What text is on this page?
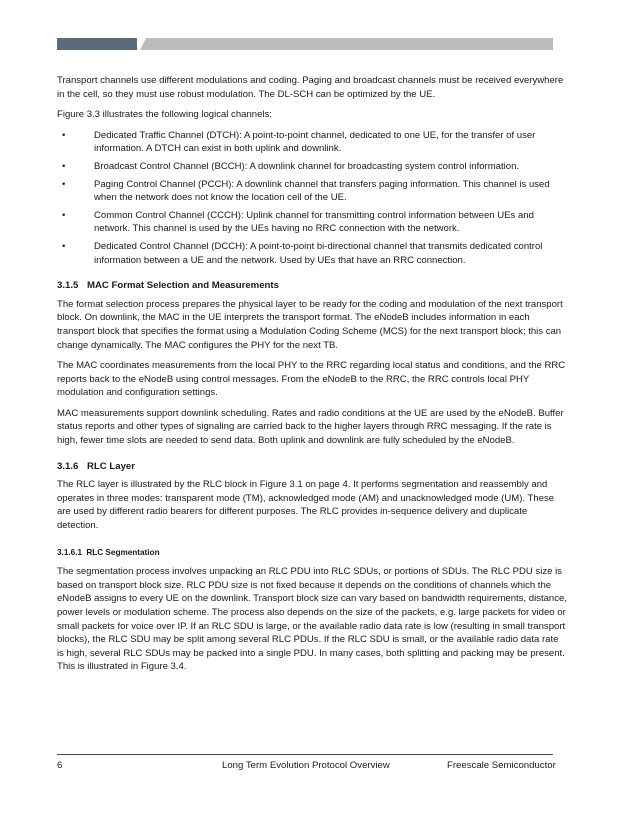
Transport channels use different modulations and coding. Paging and broadcast channels must be received everywhere in the cell, so they must use robust modulation. The DL-SCH can be optimized by the UE.

Figure 3.3 illustrates the following logical channels:

•	Dedicated Traffic Channel (DTCH): A point-to-point channel, dedicated to one UE, for the transfer of user information. A DTCH can exist in both uplink and downlink.
•	Broadcast Control Channel (BCCH): A downlink channel for broadcasting system control information.
•	Paging Control Channel (PCCH): A downlink channel that transfers paging information. This channel is used when the network does not know the location cell of the UE.
•	Common Control Channel (CCCH): Uplink channel for transmitting control information between UEs and network. This channel is used by the UEs having no RRC connection with the network.
•	Dedicated Control Channel (DCCH): A point-to-point bi-directional channel that transmits dedicated control information between a UE and the network. Used by UEs that have an RRC connection.
3.1.5 MAC Format Selection and Measurements

The format selection process prepares the physical layer to be ready for the coding and modulation of the next transport block. On downlink, the MAC in the UE interprets the transport format. The eNodeB includes information in each transport block that specifies the format using a Modulation Coding Scheme (MCS) for the next transport block; this can change dynamically. The MAC configures the PHY for the next TB.

The MAC coordinates measurements from the local PHY to the RRC regarding local status and conditions, and the RRC reports back to the eNodeB using control messages. From the eNodeB to the RRC, the RRC controls local PHY modulation and configuration settings.

MAC measurements support downlink scheduling. Rates and radio conditions at the UE are used by the eNodeB. Buffer status reports and other types of signaling are carried back to the higher layers through RRC messaging. If the rate is high, fewer time slots are needed to send data. Both uplink and downlink are fully scheduled by the eNodeB.

3.1.6 RLC Layer

The RLC layer is illustrated by the RLC block in Figure 3.1 on page 4. It performs segmentation and reassembly and operates in three modes: transparent mode (TM), acknowledged mode (AM) and unacknowledged mode (UM). These are used by different radio bearers for different purposes. The RLC provides in-sequence delivery and duplicate detection.

3.1.6.1 RLC Segmentation

The segmentation process involves unpacking an RLC PDU into RLC SDUs, or portions of SDUs. The RLC PDU size is based on transport block size. RLC PDU size is not fixed because it depends on the conditions of channels which the eNodeB assigns to every UE on the downlink. Transport block size can vary based on bandwidth requirements, distance, power levels or modulation scheme. The process also depends on the size of the packets, e.g. large packets for video or small packets for voice over IP. If an RLC SDU is large, or the available radio data rate is low (resulting in small transport blocks), the RLC SDU may be split among several RLC PDUs. If the RLC SDU is small, or the available radio data rate is high, several RLC SDUs may be packed into a single PDU. In many cases, both splitting and packing may be present. This is illustrated in Figure 3.4.

6	Long Term Evolution Protocol Overview	Freescale Semiconductor
